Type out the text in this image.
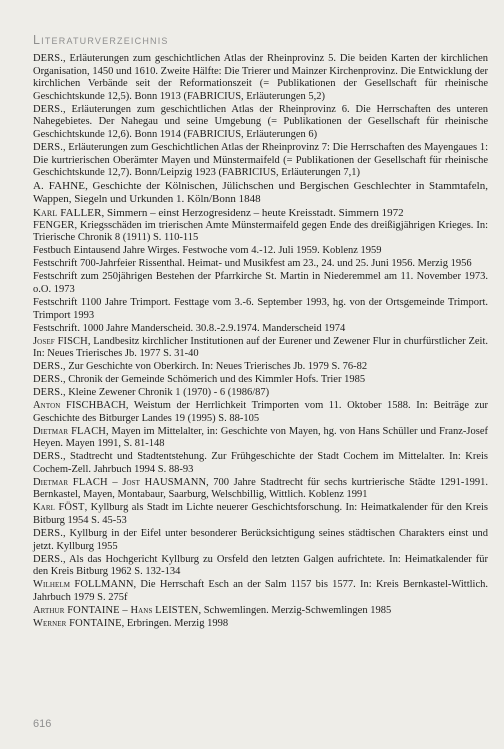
Literaturverzeichnis

DERS., Erläuterungen zum geschichtlichen Atlas der Rheinprovinz 5. Die beiden Karten der kirchlichen Organisation, 1450 und 1610. Zweite Hälfte: Die Trierer und Mainzer Kirchenprovinz. Die Entwicklung der kirchlichen Verbände seit der Reformationszeit (= Publikationen der Gesellschaft für rheinische Geschichtskunde 12,5). Bonn 1913 (FABRICIUS, Erläuterungen 5,2)

DERS., Erläuterungen zum geschichtlichen Atlas der Rheinprovinz 6. Die Herrschaften des unteren Nahegebietes. Der Nahegau und seine Umgebung (= Publikationen der Gesellschaft für rheinische Geschichtskunde 12,6). Bonn 1914 (FABRICIUS, Erläuterungen 6)

DERS., Erläuterungen zum Geschichtlichen Atlas der Rheinprovinz 7: Die Herrschaften des Mayengaues 1: Die kurtrierischen Oberämter Mayen und Münstermaifeld (= Publikationen der Gesellschaft für rheinische Geschichtskunde 12,7). Bonn/Leipzig 1923 (FABRICIUS, Erläuterungen 7,1)

A. FAHNE, Geschichte der Kölnischen, Jülichschen und Bergischen Geschlechter in Stammtafeln, Wappen, Siegeln und Urkunden 1. Köln/Bonn 1848

Karl FALLER, Simmern – einst Herzogresidenz – heute Kreisstadt. Simmern 1972

FENGER, Kriegsschäden im trierischen Amte Münstermaifeld gegen Ende des dreißigjährigen Krieges. In: Trierische Chronik 8 (1911) S. 110-115

Festbuch Eintausend Jahre Wirges. Festwoche vom 4.-12. Juli 1959. Koblenz 1959

Festschrift 700-Jahrfeier Rissenthal. Heimat- und Musikfest am 23., 24. und 25. Juni 1956. Merzig 1956

Festschrift zum 250jährigen Bestehen der Pfarrkirche St. Martin in Niederemmel am 11. November 1973. o.O. 1973

Festschrift 1100 Jahre Trimport. Festtage vom 3.-6. September 1993, hg. von der Ortsgemeinde Trimport. Trimport 1993

Festschrift. 1000 Jahre Manderscheid. 30.8.-2.9.1974. Manderscheid 1974

Josef FISCH, Landbesitz kirchlicher Institutionen auf der Eurener und Zewener Flur in churfürstlicher Zeit. In: Neues Trierisches Jb. 1977 S. 31-40

DERS., Zur Geschichte von Oberkirch. In: Neues Trierisches Jb. 1979 S. 76-82

DERS., Chronik der Gemeinde Schömerich und des Kimmler Hofs. Trier 1985

DERS., Kleine Zewener Chronik 1 (1970) - 6 (1986/87)

Anton FISCHBACH, Weistum der Herrlichkeit Trimporten vom 11. Oktober 1588. In: Beiträge zur Geschichte des Bitburger Landes 19 (1995) S. 88-105

Dietmar FLACH, Mayen im Mittelalter, in: Geschichte von Mayen, hg. von Hans Schüller und Franz-Josef Heyen. Mayen 1991, S. 81-148

DERS., Stadtrecht und Stadtentstehung. Zur Frühgeschichte der Stadt Cochem im Mittelalter. In: Kreis Cochem-Zell. Jahrbuch 1994 S. 88-93

Dietmar FLACH – Jost HAUSMANN, 700 Jahre Stadtrecht für sechs kurtrierische Städte 1291-1991. Bernkastel, Mayen, Montabaur, Saarburg, Welschbillig, Wittlich. Koblenz 1991

Karl FÖST, Kyllburg als Stadt im Lichte neuerer Geschichtsforschung. In: Heimatkalender für den Kreis Bitburg 1954 S. 45-53

DERS., Kyllburg in der Eifel unter besonderer Berücksichtigung seines städtischen Charakters einst und jetzt. Kyllburg 1955

DERS., Als das Hochgericht Kyllburg zu Orsfeld den letzten Galgen aufrichtete. In: Heimatkalender für den Kreis Bitburg 1962 S. 132-134

Wilhelm FOLLMANN, Die Herrschaft Esch an der Salm 1157 bis 1577. In: Kreis Bernkastel-Wittlich. Jahrbuch 1979 S. 275f

Arthur FONTAINE – Hans LEISTEN, Schwemlingen. Merzig-Schwemlingen 1985

Werner FONTAINE, Erbringen. Merzig 1998

616
